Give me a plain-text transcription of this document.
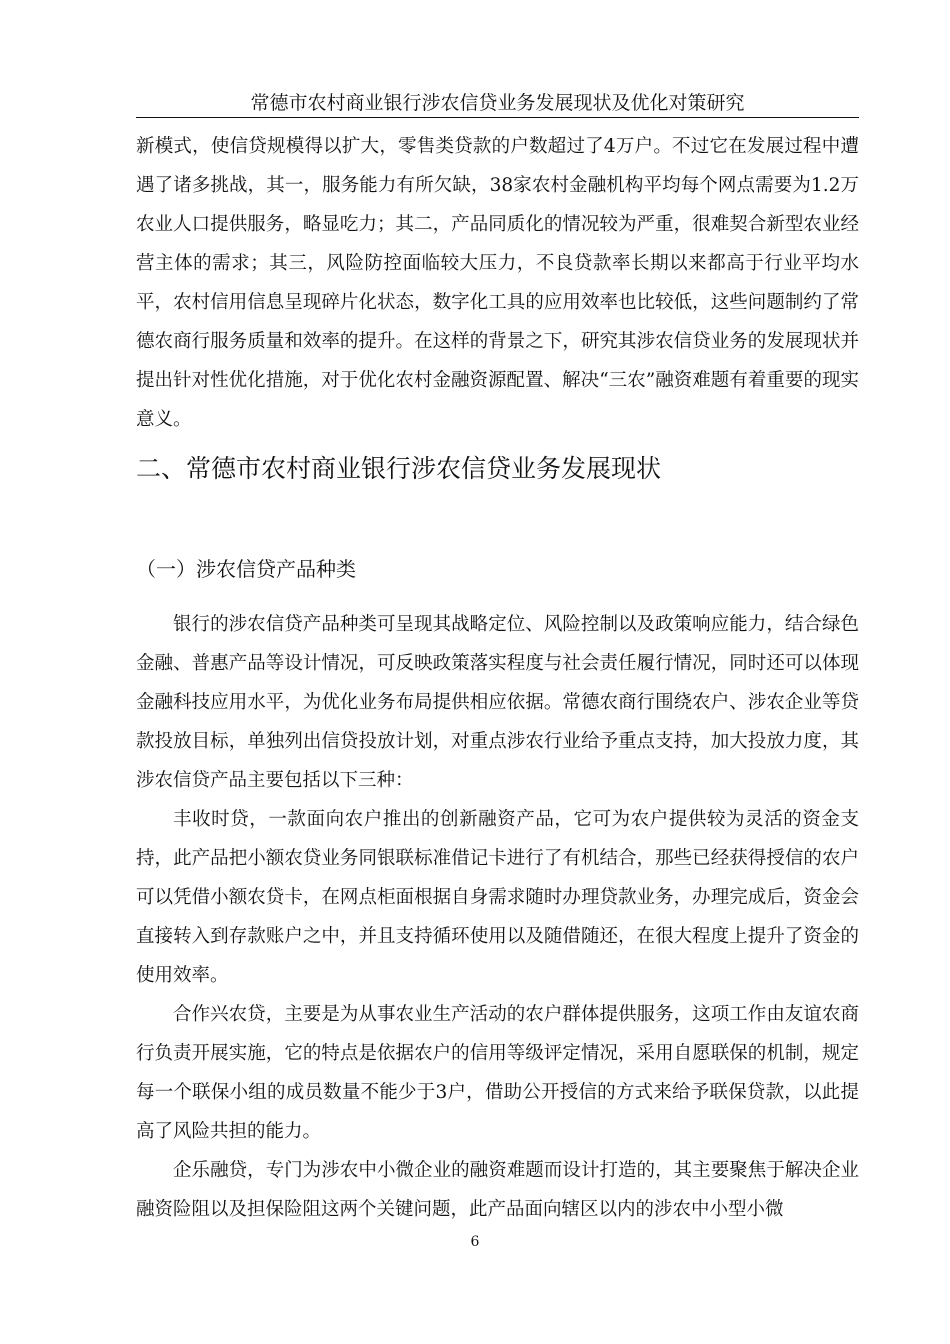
常德市农村商业银行涉农信贷业务发展现状及优化对策研究

新模式，使信贷规模得以扩大，零售类贷款的户数超过了4万户。不过它在发展过程中遭遇了诸多挑战，其一，服务能力有所欠缺，38家农村金融机构平均每个网点需要为1.2万农业人口提供服务，略显吃力；其二，产品同质化的情况较为严重，很难契合新型农业经营主体的需求；其三，风险防控面临较大压力，不良贷款率长期以来都高于行业平均水平，农村信用信息呈现碎片化状态，数字化工具的应用效率也比较低，这些问题制约了常德农商行服务质量和效率的提升。在这样的背景之下，研究其涉农信贷业务的发展现状并提出针对性优化措施，对于优化农村金融资源配置、解决“三农”融资难题有着重要的现实意义。

二、常德市农村商业银行涉农信贷业务发展现状
（一）涉农信贷产品种类

银行的涉农信贷产品种类可呈现其战略定位、风险控制以及政策响应能力，结合绿色金融、普惠产品等设计情况，可反映政策落实程度与社会责任履行情况，同时还可以体现金融科技应用水平，为优化业务布局提供相应依据。常德农商行围绕农户、涉农企业等贷款投放目标，单独列出信贷投放计划，对重点涉农行业给予重点支持，加大投放力度，其涉农信贷产品主要包括以下三种：

丰收时贷，一款面向农户推出的创新融资产品，它可为农户提供较为灵活的资金支持，此产品把小额农贷业务同银联标准借记卡进行了有机结合，那些已经获得授信的农户可以凭借小额农贷卡，在网点柜面根据自身需求随时办理贷款业务，办理完成后，资金会直接转入到存款账户之中，并且支持循环使用以及随借随还，在很大程度上提升了资金的使用效率。

合作兴农贷，主要是为从事农业生产活动的农户群体提供服务，这项工作由友谊农商行负责开展实施，它的特点是依据农户的信用等级评定情况，采用自愿联保的机制，规定每一个联保小组的成员数量不能少于3户，借助公开授信的方式来给予联保贷款，以此提高了风险共担的能力。

企乐融贷，专门为涉农中小微企业的融资难题而设计打造的，其主要聚焦于解决企业融资险阻以及担保险阻这两个关键问题，此产品面向辖区以内的涉农中小型小微

6
